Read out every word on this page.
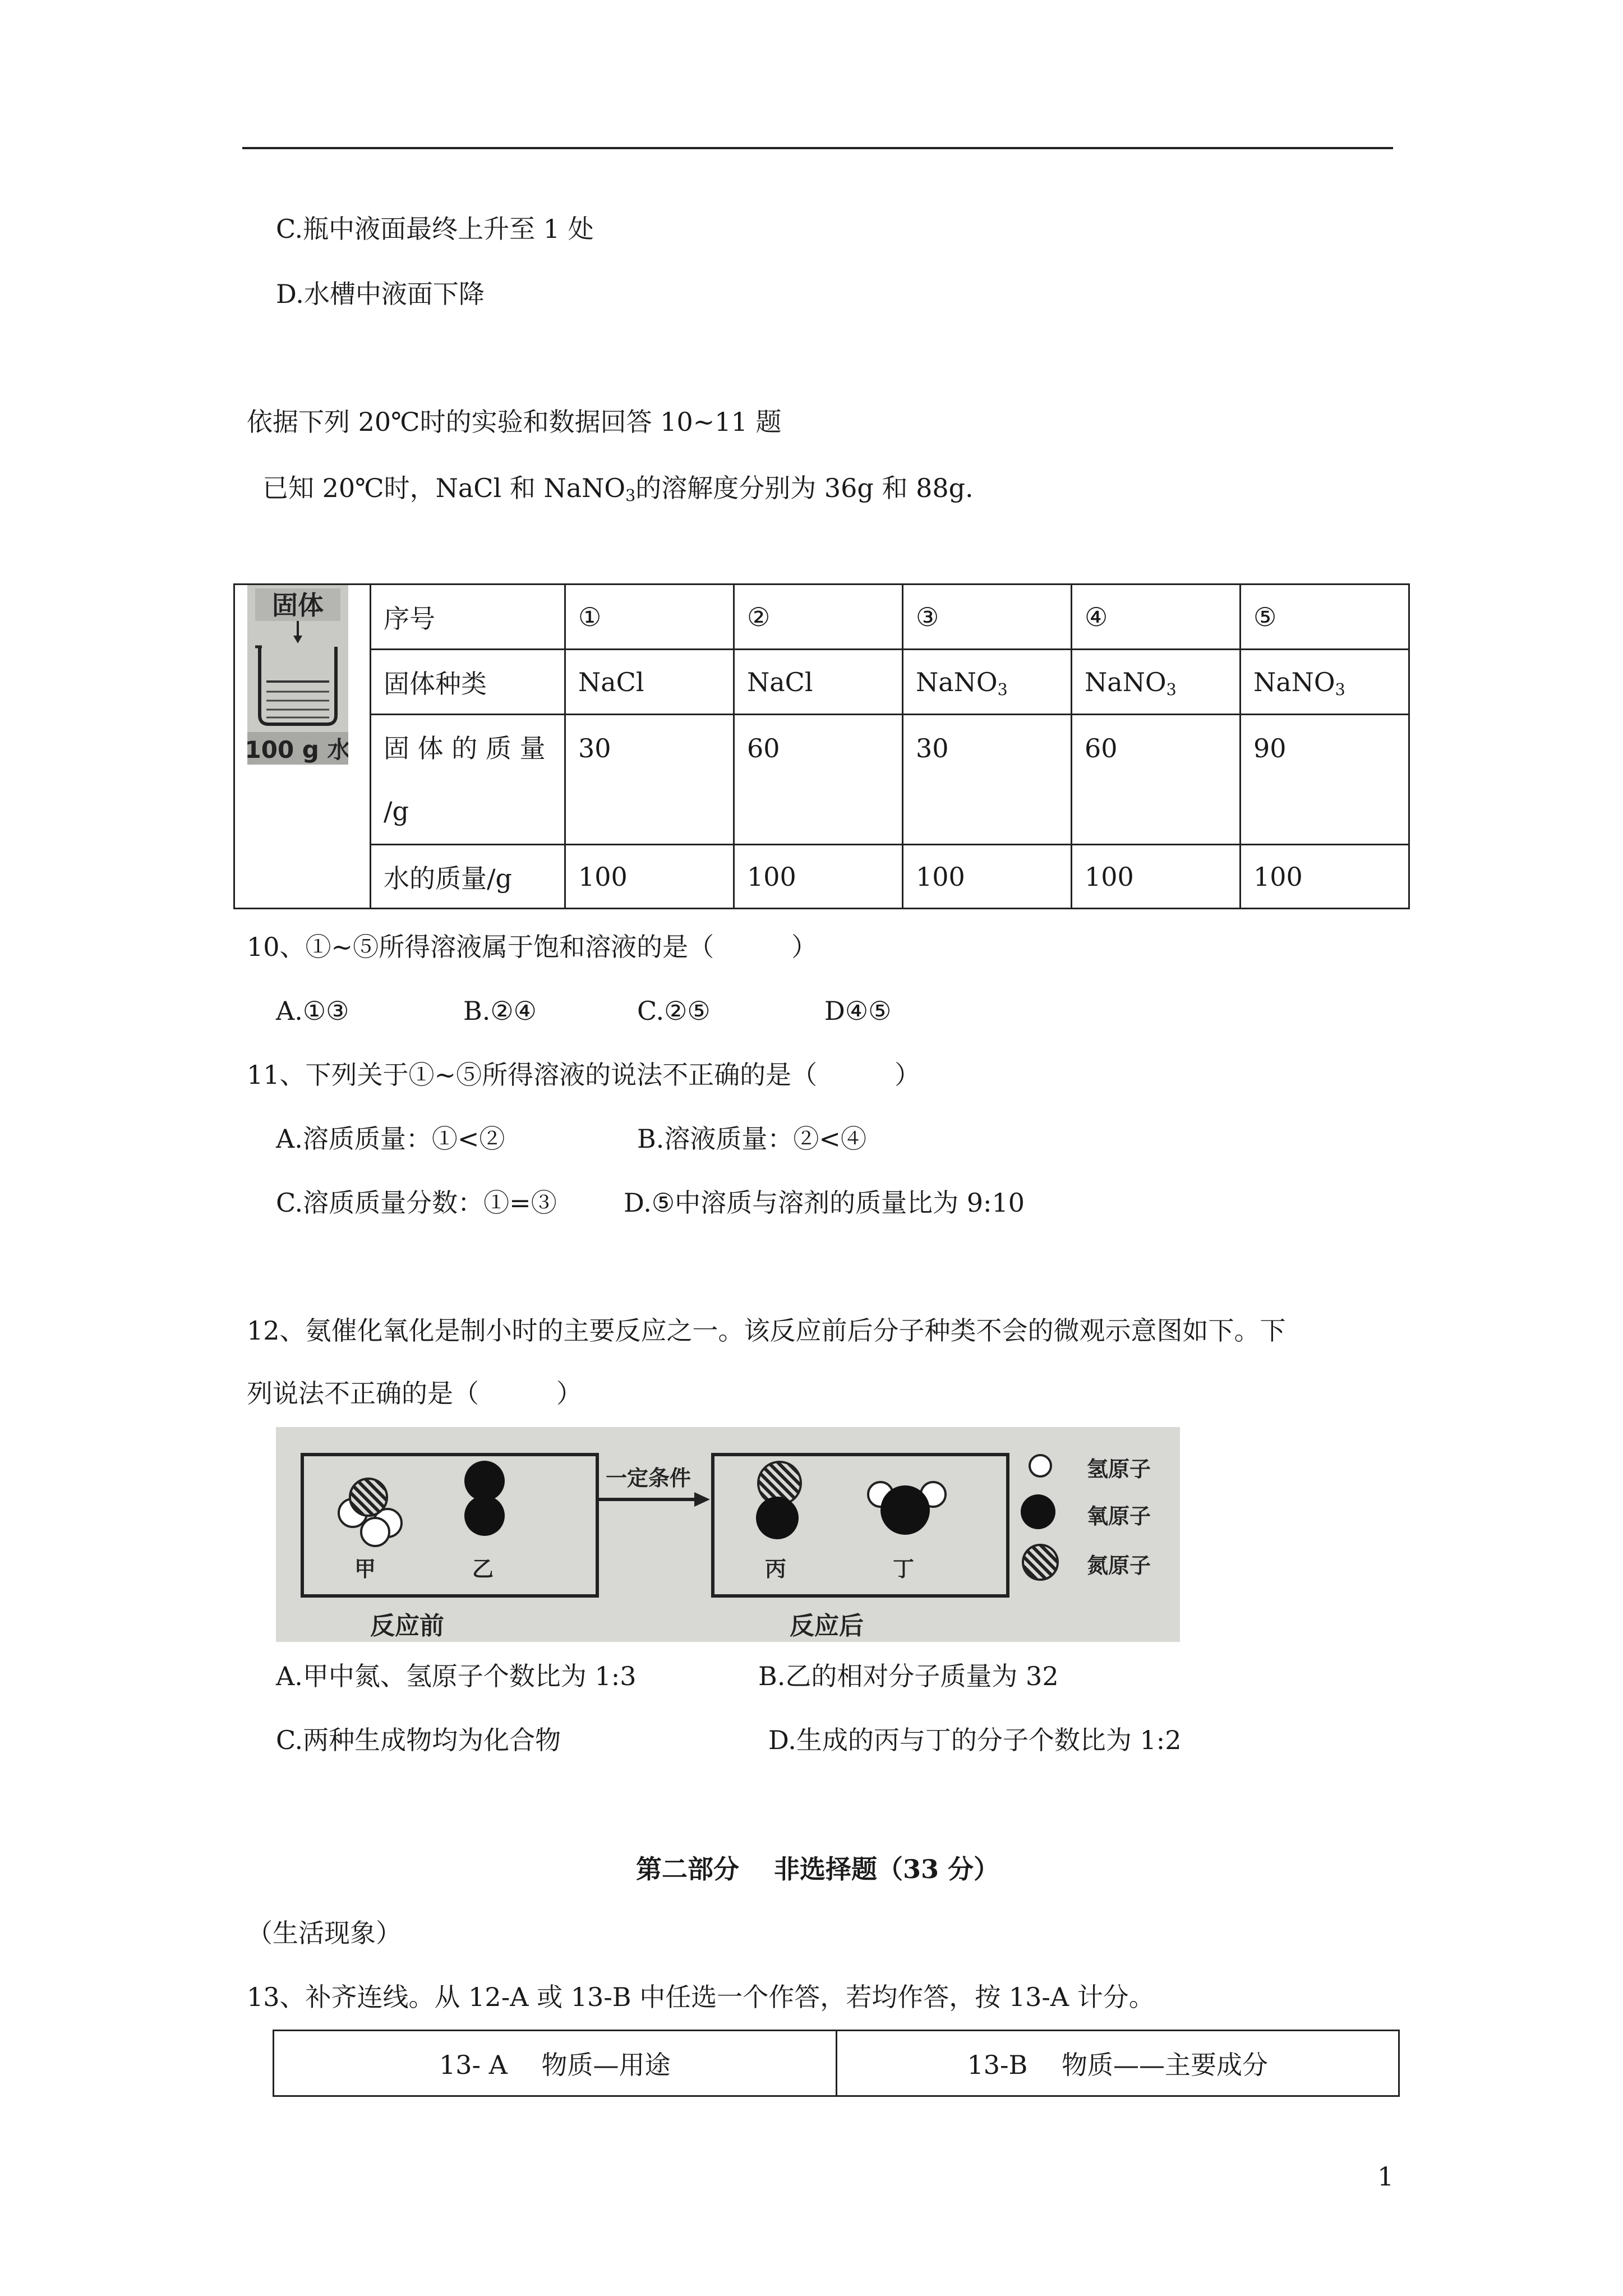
C.瓶中液面最终上升至 1 处
D.水槽中液面下降
依据下列 20℃时的实验和数据回答 10~11 题
已知 20℃时，NaCl 和 NaNO$_3$的溶解度分别为 36g 和 88g.
固体
100 g 水	序号	①	②	③	④	⑤
	固体种类	NaCl	NaCl	NaNO$_3$	NaNO$_3$	NaNO$_3$

	固 体 的 质 量
/g	30	60	30	60	90
	水的质量/g	100	100	100	100	100
10、①~⑤所得溶液属于饱和溶液的是（　　　）
A.①③	B.②④	C.②⑤	D④⑤
11、下列关于①~⑤所得溶液的说法不正确的是（　　　）
A.溶质质量：①<②	B.溶液质量：②<④
C.溶质质量分数：①=③	D.⑤中溶质与溶剂的质量比为 9:10
12、氨催化氧化是制小时的主要反应之一。该反应前后分子种类不会的微观示意图如下。下
列说法不正确的是（　　　）
甲	乙
一定条件
丙	丁
氢原子
氧原子
氮原子
反应前	反应后
A.甲中氮、氢原子个数比为 1:3	B.乙的相对分子质量为 32
C.两种生成物均为化合物	D.生成的丙与丁的分子个数比为 1:2
第二部分　 非选择题（33 分）
（生活现象）
13、补齐连线。从 12-A 或 13-B 中任选一个作答，若均作答，按 13-A 计分。
13- A　 物质—用途	13-B　 物质——主要成分
1
